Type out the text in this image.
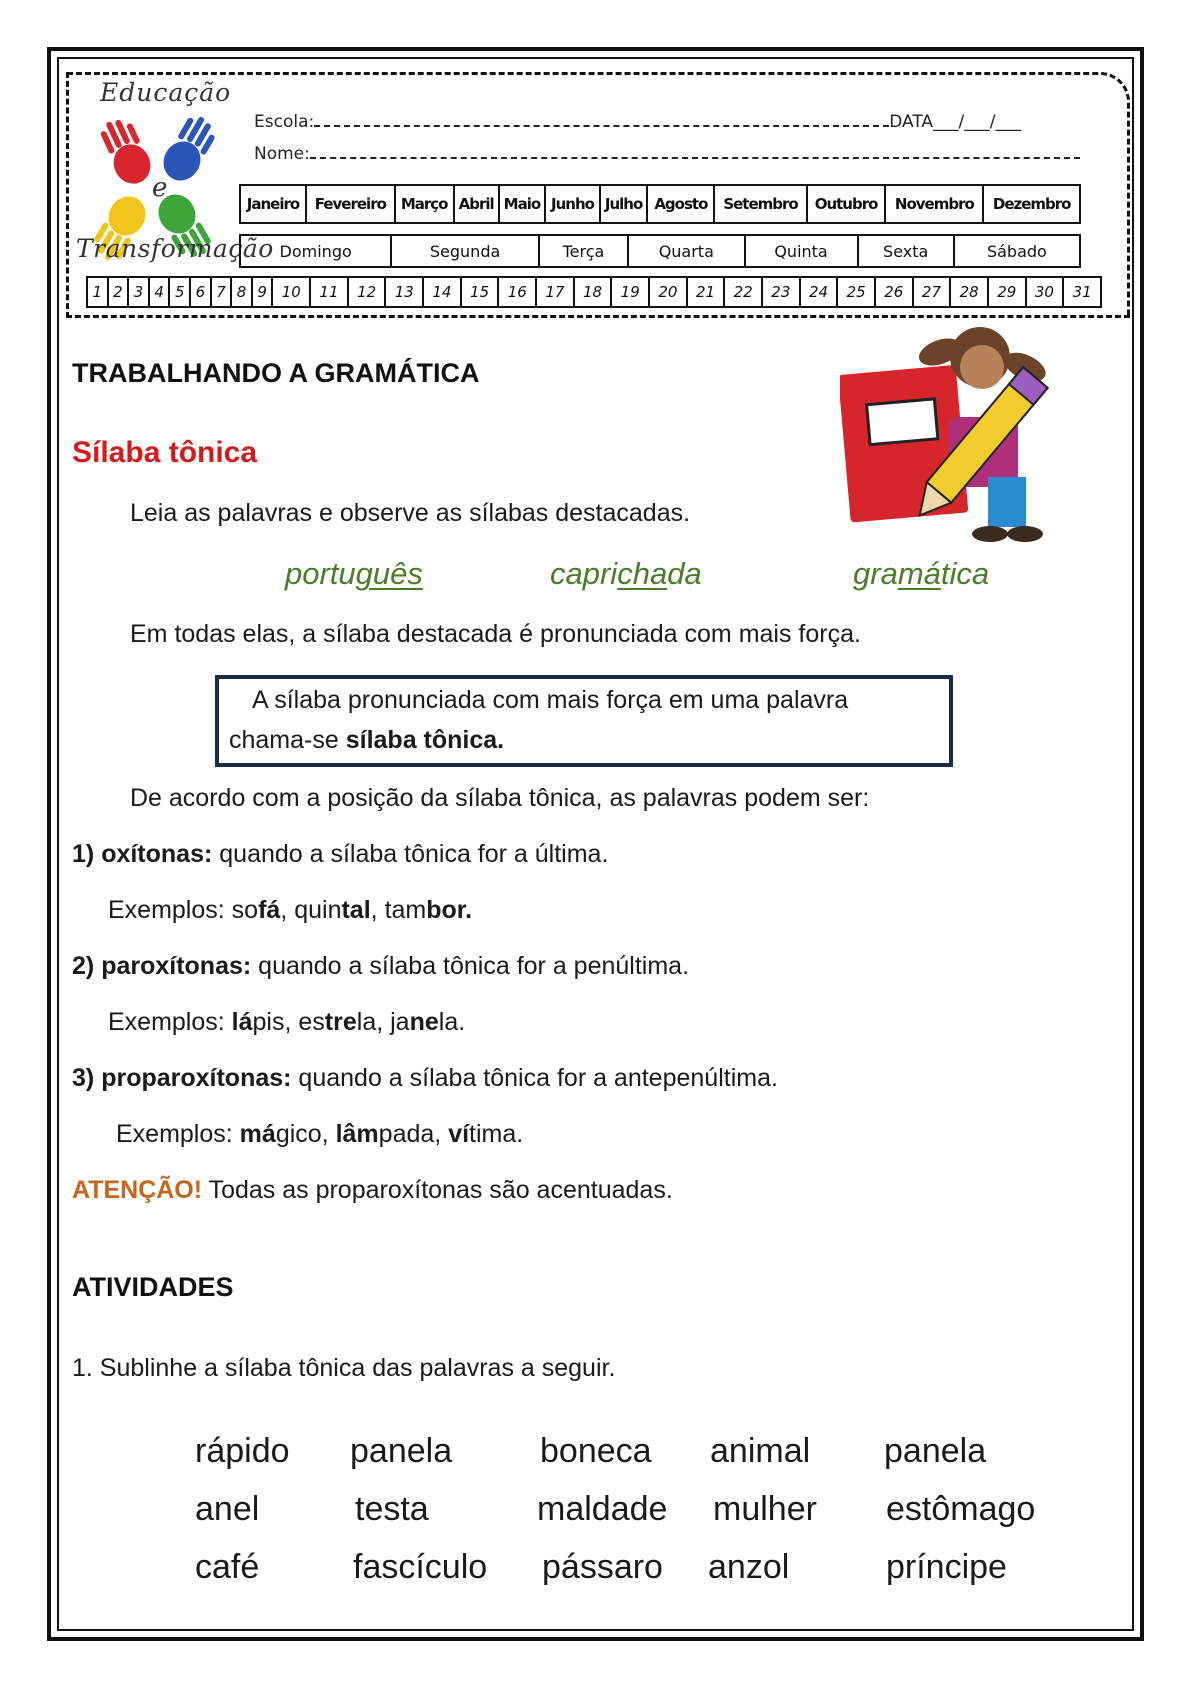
Educação
e
Transformação
Escola:	DATA___/___/___
Nome:
Janeiro	Fevereiro	Março	Abril	Maio	Junho	Julho	Agosto	Setembro	Outubro	Novembro	Dezembro
Domingo	Segunda	Terça	Quarta	Quinta	Sexta	Sábado
1	2	3	4	5	6	7	8	9	10	11	12	13	14	15	16	17	18	19	20	21	22	23	24	25	26	27	28	29	30	31
TRABALHANDO A GRAMÁTICA
Sílaba tônica
Leia as palavras e observe as sílabas destacadas.
português	caprichada	gramática
Em todas elas, a sílaba destacada é pronunciada com mais força.
A sílaba pronunciada com mais força em uma palavra
chama-se sílaba tônica.
De acordo com a posição da sílaba tônica, as palavras podem ser:
1) oxítonas: quando a sílaba tônica for a última.
Exemplos: sofá, quintal, tambor.
2) paroxítonas: quando a sílaba tônica for a penúltima.
Exemplos: lápis, estrela, janela.
3) proparoxítonas: quando a sílaba tônica for a antepenúltima.
Exemplos: mágico, lâmpada, vítima.
ATENÇÃO! Todas as proparoxítonas são acentuadas.
ATIVIDADES
1. Sublinhe a sílaba tônica das palavras a seguir.
rápido panela	boneca animal panela
anel	testa	maldade mulher estômago
café	fascículo pássaro anzol	príncipe
